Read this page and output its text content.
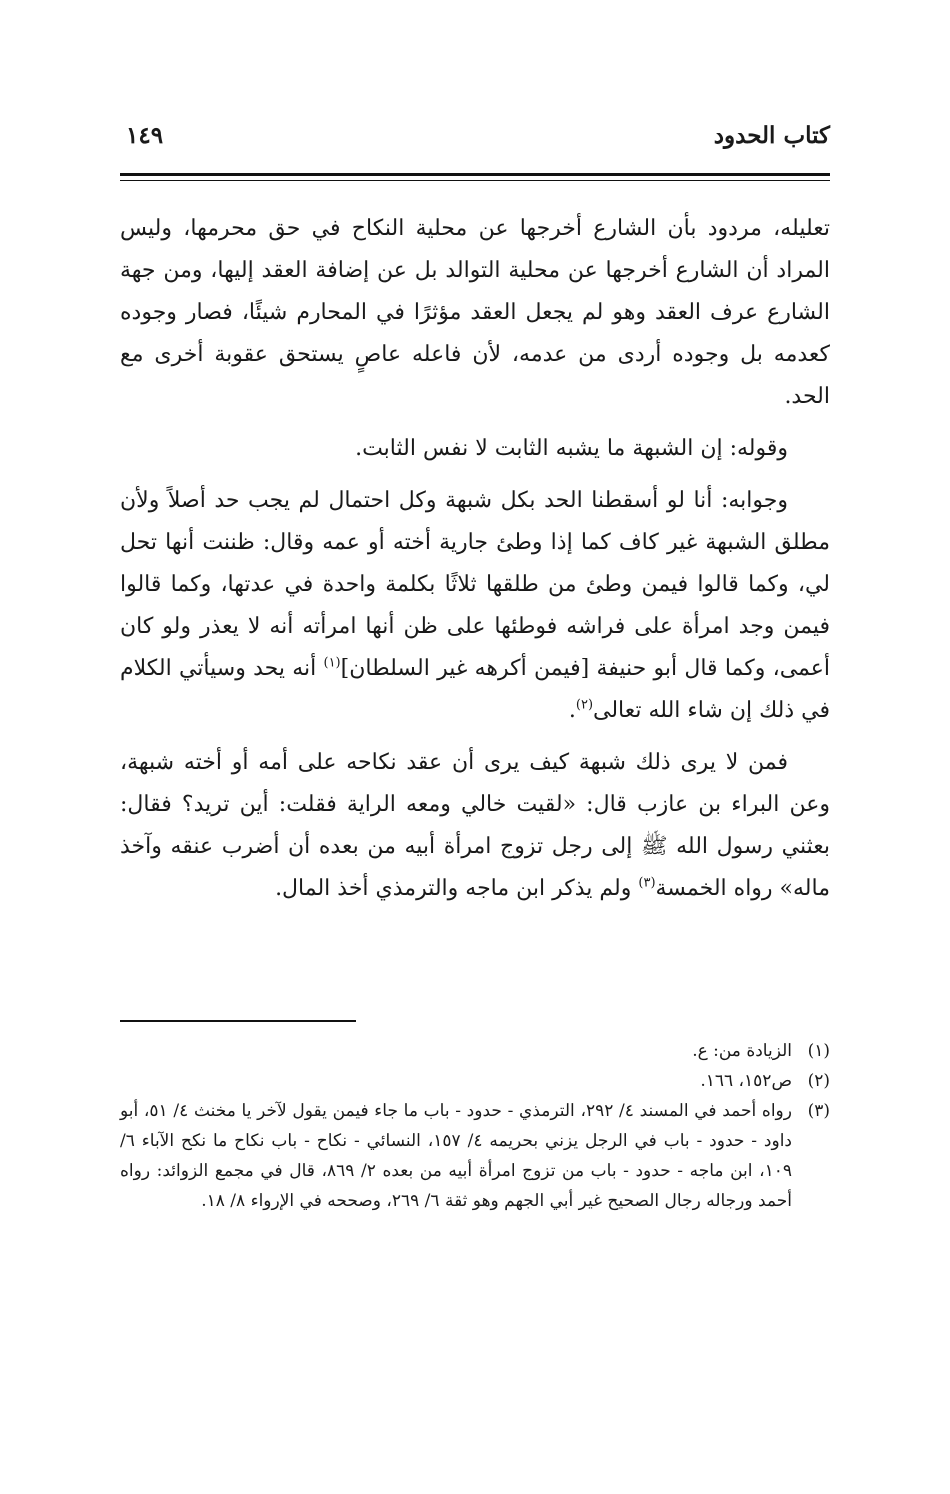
كتاب الحدود
١٤٩

تعليله، مردود بأن الشارع أخرجها عن محلية النكاح في حق محرمها، وليس المراد أن الشارع أخرجها عن محلية التوالد بل عن إضافة العقد إليها، ومن جهة الشارع عرف العقد وهو لم يجعل العقد مؤثرًا في المحارم شيئًا، فصار وجوده كعدمه بل وجوده أردى من عدمه، لأن فاعله عاصٍ يستحق عقوبة أخرى مع الحد.

وقوله: إن الشبهة ما يشبه الثابت لا نفس الثابت.

وجوابه: أنا لو أسقطنا الحد بكل شبهة وكل احتمال لم يجب حد أصلاً ولأن مطلق الشبهة غير كاف كما إذا وطئ جارية أخته أو عمه وقال: ظننت أنها تحل لي، وكما قالوا فيمن وطئ من طلقها ثلاثًا بكلمة واحدة في عدتها، وكما قالوا فيمن وجد امرأة على فراشه فوطئها على ظن أنها امرأته أنه لا يعذر ولو كان أعمى، وكما قال أبو حنيفة [فيمن أكرهه غير السلطان]$^{(١)}$ أنه يحد وسيأتي الكلام في ذلك إن شاء الله تعالى$^{(٢)}$.

فمن لا يرى ذلك شبهة كيف يرى أن عقد نكاحه على أمه أو أخته شبهة، وعن البراء بن عازب قال: «لقيت خالي ومعه الراية فقلت: أين تريد؟ فقال: بعثني رسول الله ﷺ إلى رجل تزوج امرأة أبيه من بعده أن أضرب عنقه وآخذ ماله» رواه الخمسة$^{(٣)}$ ولم يذكر ابن ماجه والترمذي أخذ المال.

(١)
الزيادة من: ع.
(٢)
ص١٥٢، ١٦٦.
(٣)
رواه أحمد في المسند ٤/ ٢٩٢، الترمذي - حدود - باب ما جاء فيمن يقول لآخر يا مخنث ٤/ ٥١، أبو داود - حدود - باب في الرجل يزني بحريمه ٤/ ١٥٧، النسائي - نكاح - باب نكاح ما نكح الآباء ٦/ ١٠٩، ابن ماجه - حدود - باب من تزوج امرأة أبيه من بعده ٢/ ٨٦٩، قال في مجمع الزوائد: رواه أحمد ورجاله رجال الصحيح غير أبي الجهم وهو ثقة ٦/ ٢٦٩، وصححه في الإرواء ٨/ ١٨.
